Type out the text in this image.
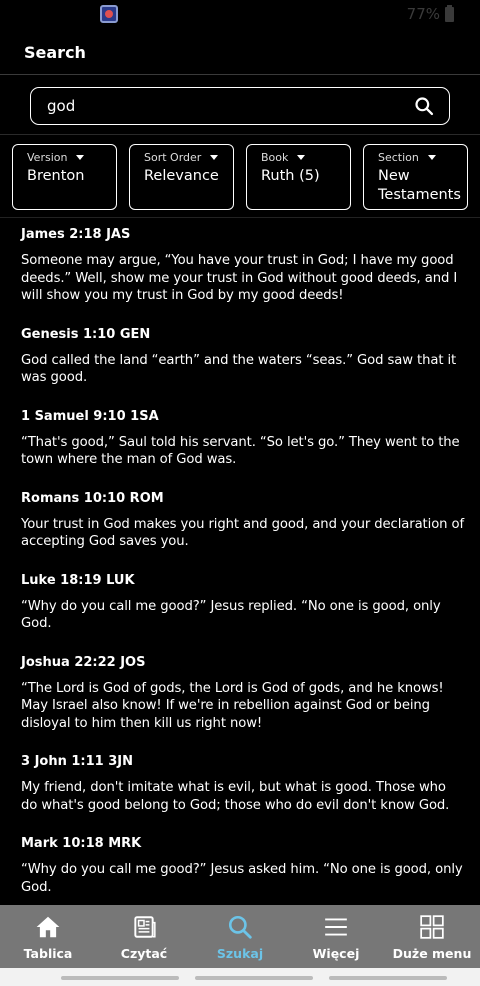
77%
Search
god
Version
Brenton
Sort Order
Relevance
Book
Ruth (5)
Section
New Testaments
James 2:18 JAS
Someone may argue, “You have your trust in God; I have my good deeds.” Well, show me your trust in God without good deeds, and I will show you my trust in God by my good deeds!
Genesis 1:10 GEN
God called the land “earth” and the waters “seas.” God saw that it was good.
1 Samuel 9:10 1SA
“That's good,” Saul told his servant. “So let's go.” They went to the town where the man of God was.
Romans 10:10 ROM
Your trust in God makes you right and good, and your declaration of accepting God saves you.
Luke 18:19 LUK
“Why do you call me good?” Jesus replied. “No one is good, only God.
Joshua 22:22 JOS
“The Lord is God of gods, the Lord is God of gods, and he knows! May Israel also know! If we're in rebellion against God or being disloyal to him then kill us right now!
3 John 1:11 3JN
My friend, don't imitate what is evil, but what is good. Those who do what's good belong to God; those who do evil don't know God.
Mark 10:18 MRK
“Why do you call me good?” Jesus asked him. “No one is good, only God.
Tablica	Czytać	Szukaj	Więcej	Duże menu
